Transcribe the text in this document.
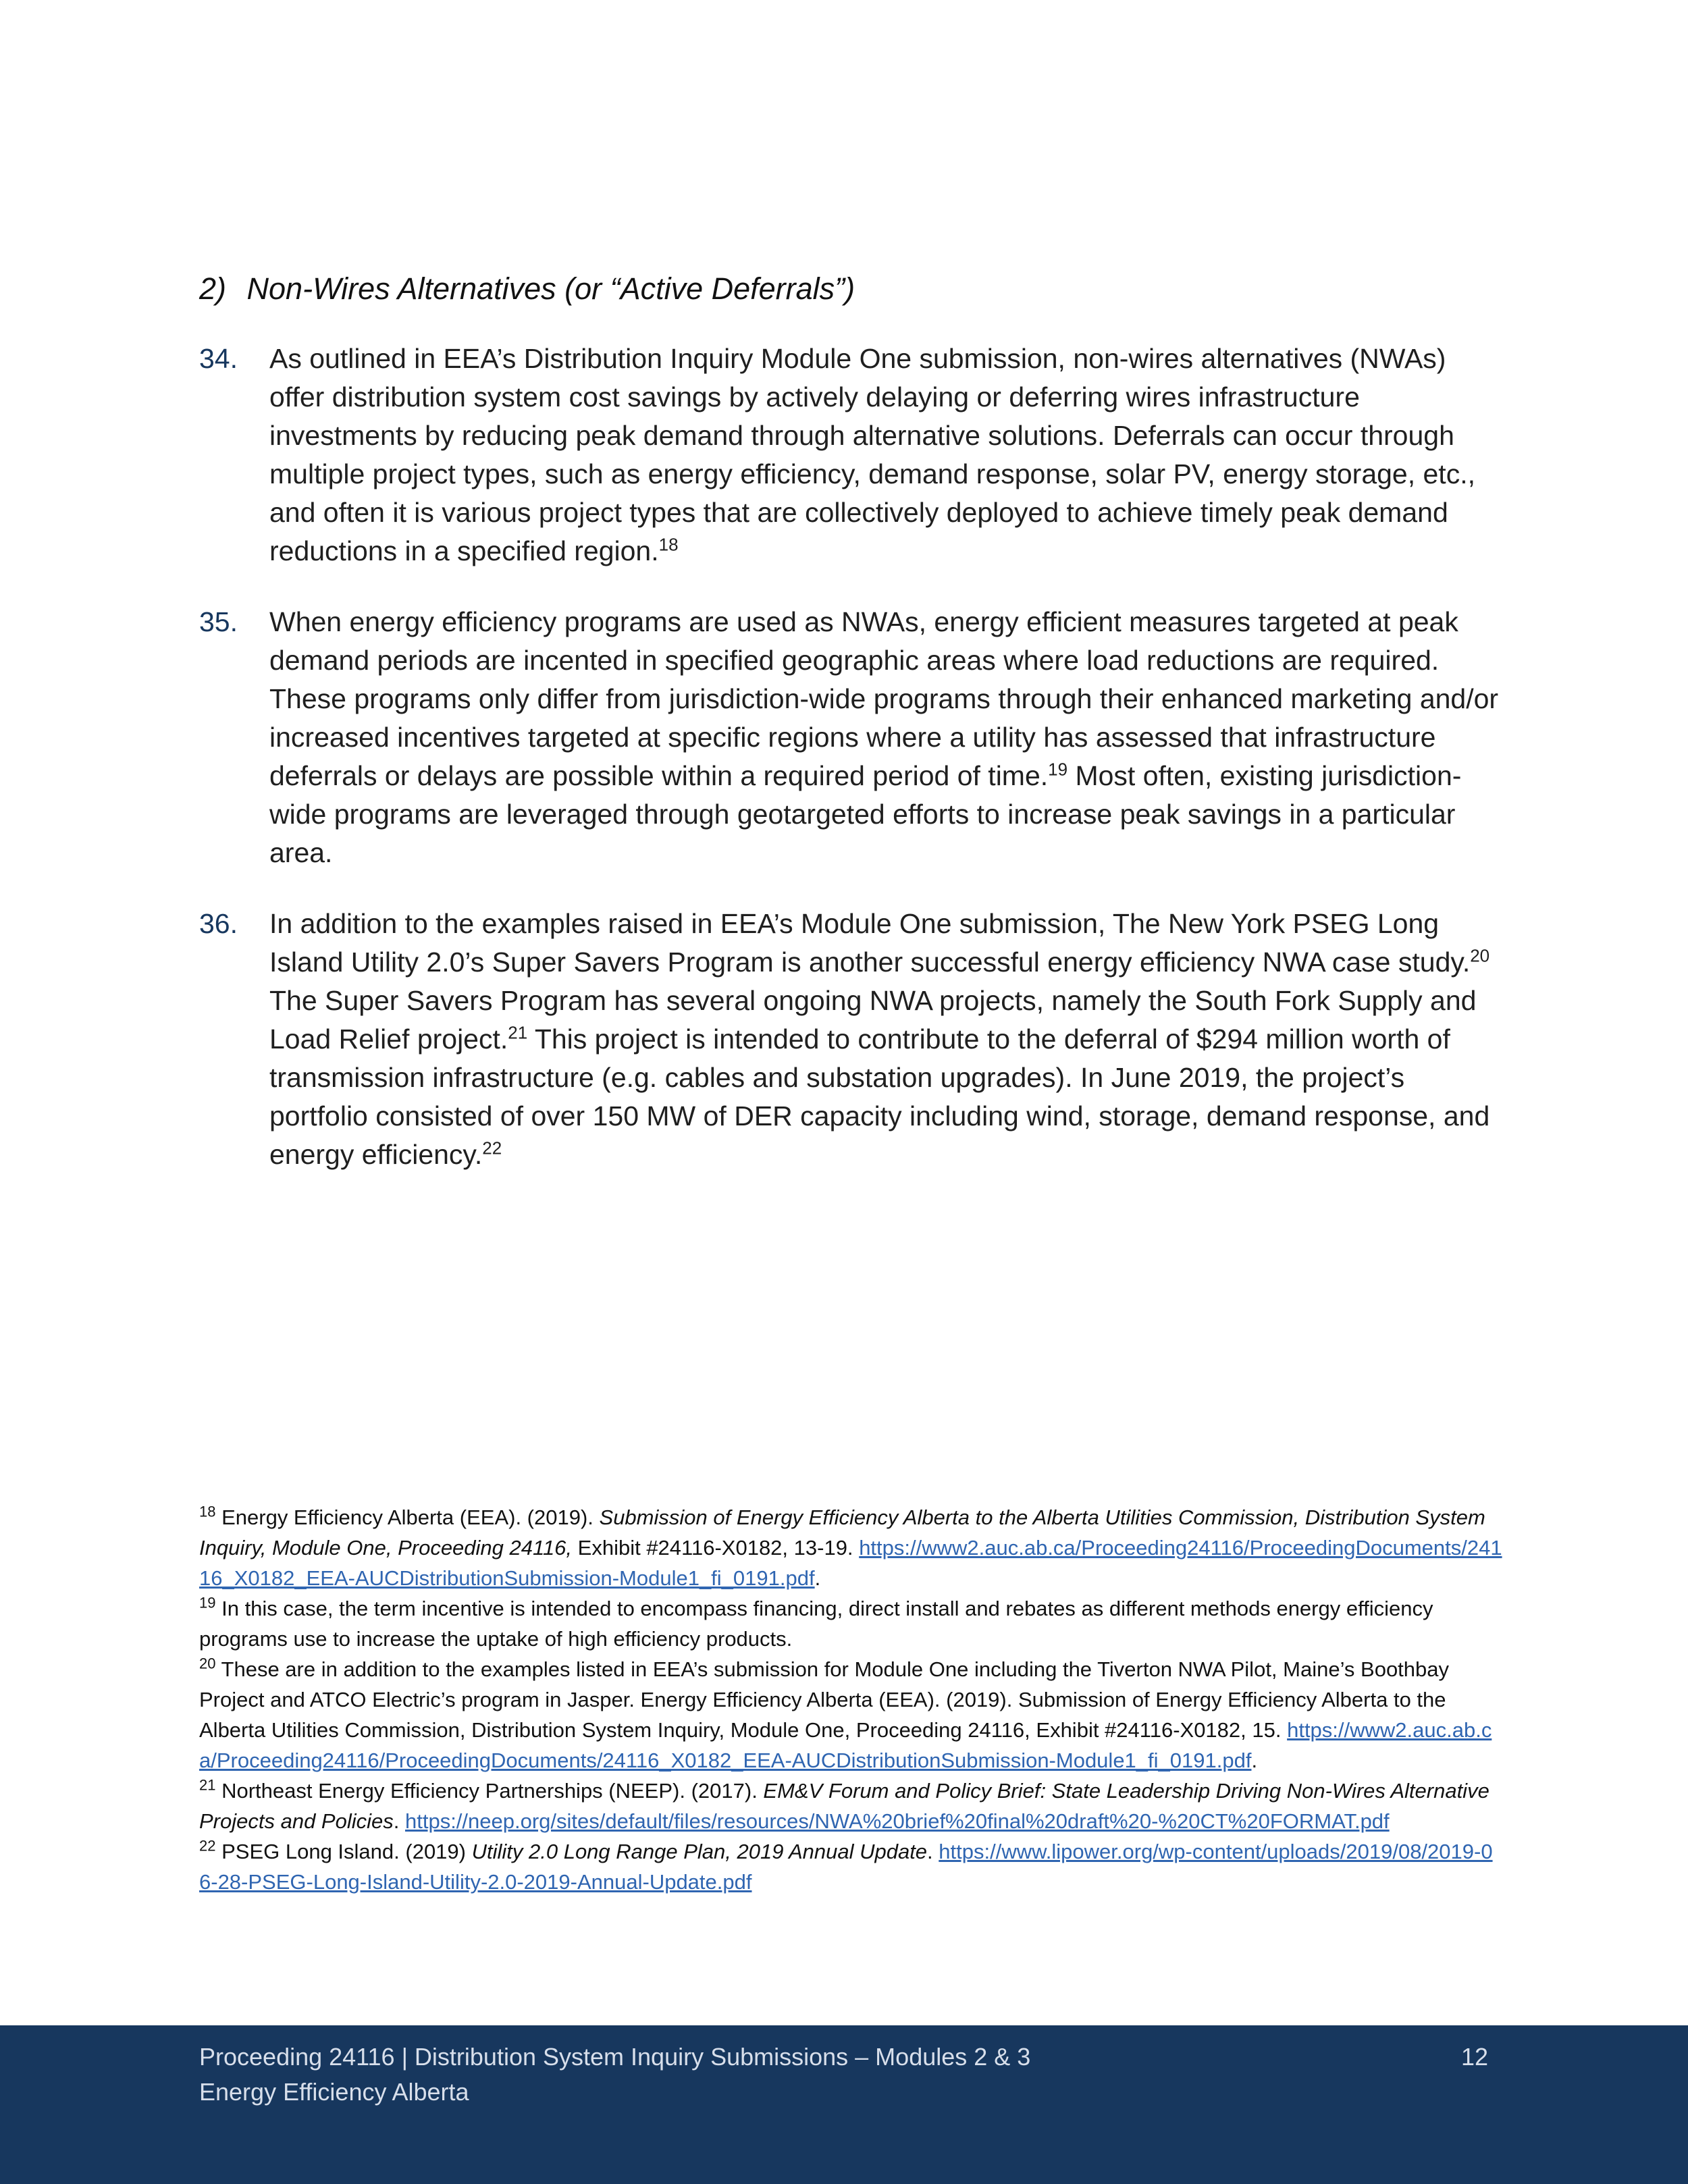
2) Non-Wires Alternatives (or “Active Deferrals”)

34. As outlined in EEA’s Distribution Inquiry Module One submission, non-wires alternatives (NWAs) offer distribution system cost savings by actively delaying or deferring wires infrastructure investments by reducing peak demand through alternative solutions. Deferrals can occur through multiple project types, such as energy efficiency, demand response, solar PV, energy storage, etc., and often it is various project types that are collectively deployed to achieve timely peak demand reductions in a specified region.$^{18}$

35. When energy efficiency programs are used as NWAs, energy efficient measures targeted at peak demand periods are incented in specified geographic areas where load reductions are required. These programs only differ from jurisdiction-wide programs through their enhanced marketing and/or increased incentives targeted at specific regions where a utility has assessed that infrastructure deferrals or delays are possible within a required period of time.$^{19}$ Most often, existing jurisdiction-wide programs are leveraged through geotargeted efforts to increase peak savings in a particular area.

36. In addition to the examples raised in EEA’s Module One submission, The New York PSEG Long Island Utility 2.0’s Super Savers Program is another successful energy efficiency NWA case study.$^{20}$ The Super Savers Program has several ongoing NWA projects, namely the South Fork Supply and Load Relief project.$^{21}$ This project is intended to contribute to the deferral of $294 million worth of transmission infrastructure (e.g. cables and substation upgrades). In June 2019, the project’s portfolio consisted of over 150 MW of DER capacity including wind, storage, demand response, and energy efficiency.$^{22}$

$^{18}$ Energy Efficiency Alberta (EEA). (2019). Submission of Energy Efficiency Alberta to the Alberta Utilities Commission, Distribution System Inquiry, Module One, Proceeding 24116, Exhibit #24116-X0182, 13-19. https://www2.auc.ab.ca/Proceeding24116/ProceedingDocuments/24116_X0182_EEA-AUCDistributionSubmission-Module1_fi_0191.pdf.

$^{19}$ In this case, the term incentive is intended to encompass financing, direct install and rebates as different methods energy efficiency programs use to increase the uptake of high efficiency products.

$^{20}$ These are in addition to the examples listed in EEA’s submission for Module One including the Tiverton NWA Pilot, Maine’s Boothbay Project and ATCO Electric’s program in Jasper. Energy Efficiency Alberta (EEA). (2019). Submission of Energy Efficiency Alberta to the Alberta Utilities Commission, Distribution System Inquiry, Module One, Proceeding 24116, Exhibit #24116-X0182, 15. https://www2.auc.ab.ca/Proceeding24116/ProceedingDocuments/24116_X0182_EEA-AUCDistributionSubmission-Module1_fi_0191.pdf.

$^{21}$ Northeast Energy Efficiency Partnerships (NEEP). (2017). EM&V Forum and Policy Brief: State Leadership Driving Non-Wires Alternative Projects and Policies. https://neep.org/sites/default/files/resources/NWA%20brief%20final%20draft%20-%20CT%20FORMAT.pdf

$^{22}$ PSEG Long Island. (2019) Utility 2.0 Long Range Plan, 2019 Annual Update. https://www.lipower.org/wp-content/uploads/2019/08/2019-06-28-PSEG-Long-Island-Utility-2.0-2019-Annual-Update.pdf

Proceeding 24116 | Distribution System Inquiry Submissions – Modules 2 & 3
Energy Efficiency Alberta
12
